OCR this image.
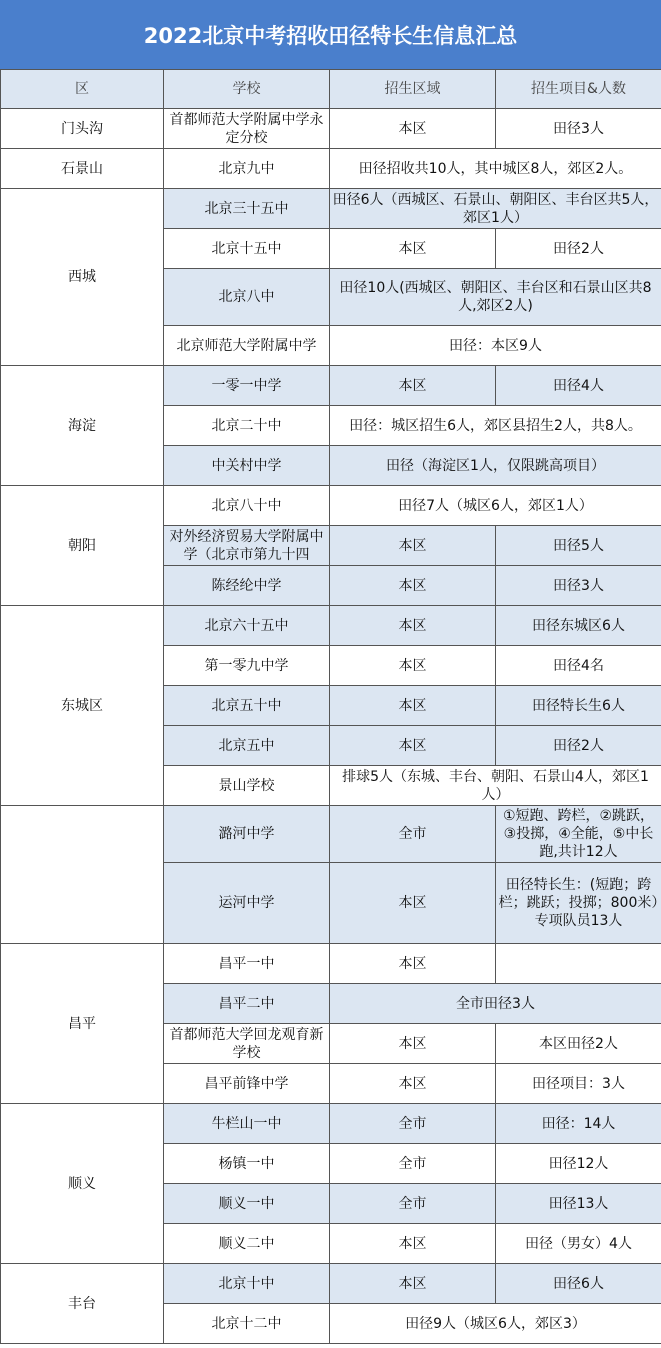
2022北京中考招收田径特长生信息汇总
区	学校	招生区域	招生项目&人数
门头沟	首都师范大学附属中学永定分校	本区	田径3人
石景山	北京九中	田径招收共10人，其中城区8人，郊区2人。	
西城	北京三十五中	田径6人（西城区、石景山、朝阳区、丰台区共5人，郊区1人）	
	北京十五中	本区	田径2人
	北京八中	田径10人(西城区、朝阳区、丰台区和石景山区共8人,郊区2人)	
	北京师范大学附属中学	田径：本区9人	
海淀	一零一中学	本区	田径4人
	北京二十中	田径：城区招生6人，郊区县招生2人，共8人。	
	中关村中学	田径（海淀区1人，仅限跳高项目）	
朝阳	北京八十中	田径7人（城区6人，郊区1人）	
	对外经济贸易大学附属中学（北京市第九十四	本区	田径5人
	陈经纶中学	本区	田径3人
东城区	北京六十五中	本区	田径东城区6人
	第一零九中学	本区	田径4名
	北京五十中	本区	田径特长生6人
	北京五中	本区	田径2人
	景山学校	排球5人（东城、丰台、朝阳、石景山4人，郊区1人）	
	潞河中学	全市	①短跑、跨栏，②跳跃，③投掷，④全能，⑤中长跑,共计12人
	运河中学	本区	田径特长生：(短跑；跨栏；跳跃；投掷；800米）专项队员13人
昌平	昌平一中	本区	
	昌平二中	全市田径3人	
	首都师范大学回龙观育新学校	本区	本区田径2人
	昌平前锋中学	本区	田径项目：3人
顺义	牛栏山一中	全市	田径：14人
	杨镇一中	全市	田径12人
	顺义一中	全市	田径13人
	顺义二中	本区	田径（男女）4人
丰台	北京十中	本区	田径6人
	北京十二中	田径9人（城区6人，郊区3）	
